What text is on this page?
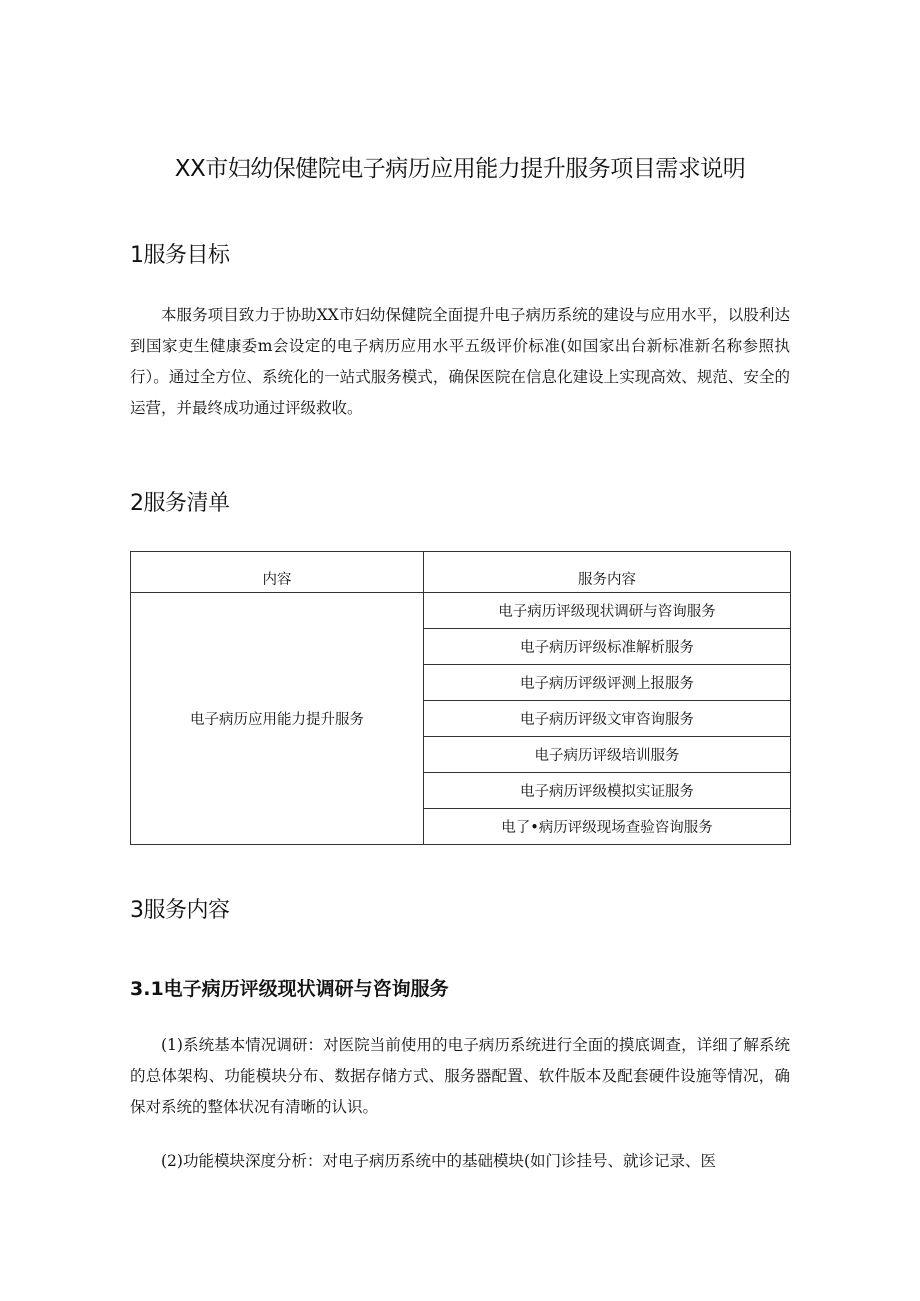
XX市妇幼保健院电子病历应用能力提升服务项目需求说明
1服务目标

本服务项目致力于协助XX市妇幼保健院全面提升电子病历系统的建设与应用水平，以股利达到国家吏生健康委m会设定的电子病历应用水平五级评价标准(如国家出台新标准新名称参照执行）。通过全方位、系统化的一站式服务模式，确保医院在信息化建设上实现高效、规范、安全的运营，并最终成功通过评级救收。

2服务清单
内容	服务内容
电子病历应用能力提升服务	电子病历评级现状调研与咨询服务
	电子病历评级标准解析服务
	电子病历评级评测上报服务
	电子病历评级文审咨询服务
	电子病历评级培训服务
	电子病历评级模拟实证服务
	电了•病历评级现场查验咨询服务
3服务内容
3.1电子病历评级现状调研与咨询服务

(1)系统基本情况调研：对医院当前使用的电子病历系统进行全面的摸底调查，详细了解系统的总体架构、功能模块分布、数据存储方式、服务器配置、软件版本及配套硬件设施等情况，确保对系统的整体状况有清晰的认识。

(2)功能模块深度分析：对电子病历系统中的基础模块(如门诊挂号、就诊记录、医
